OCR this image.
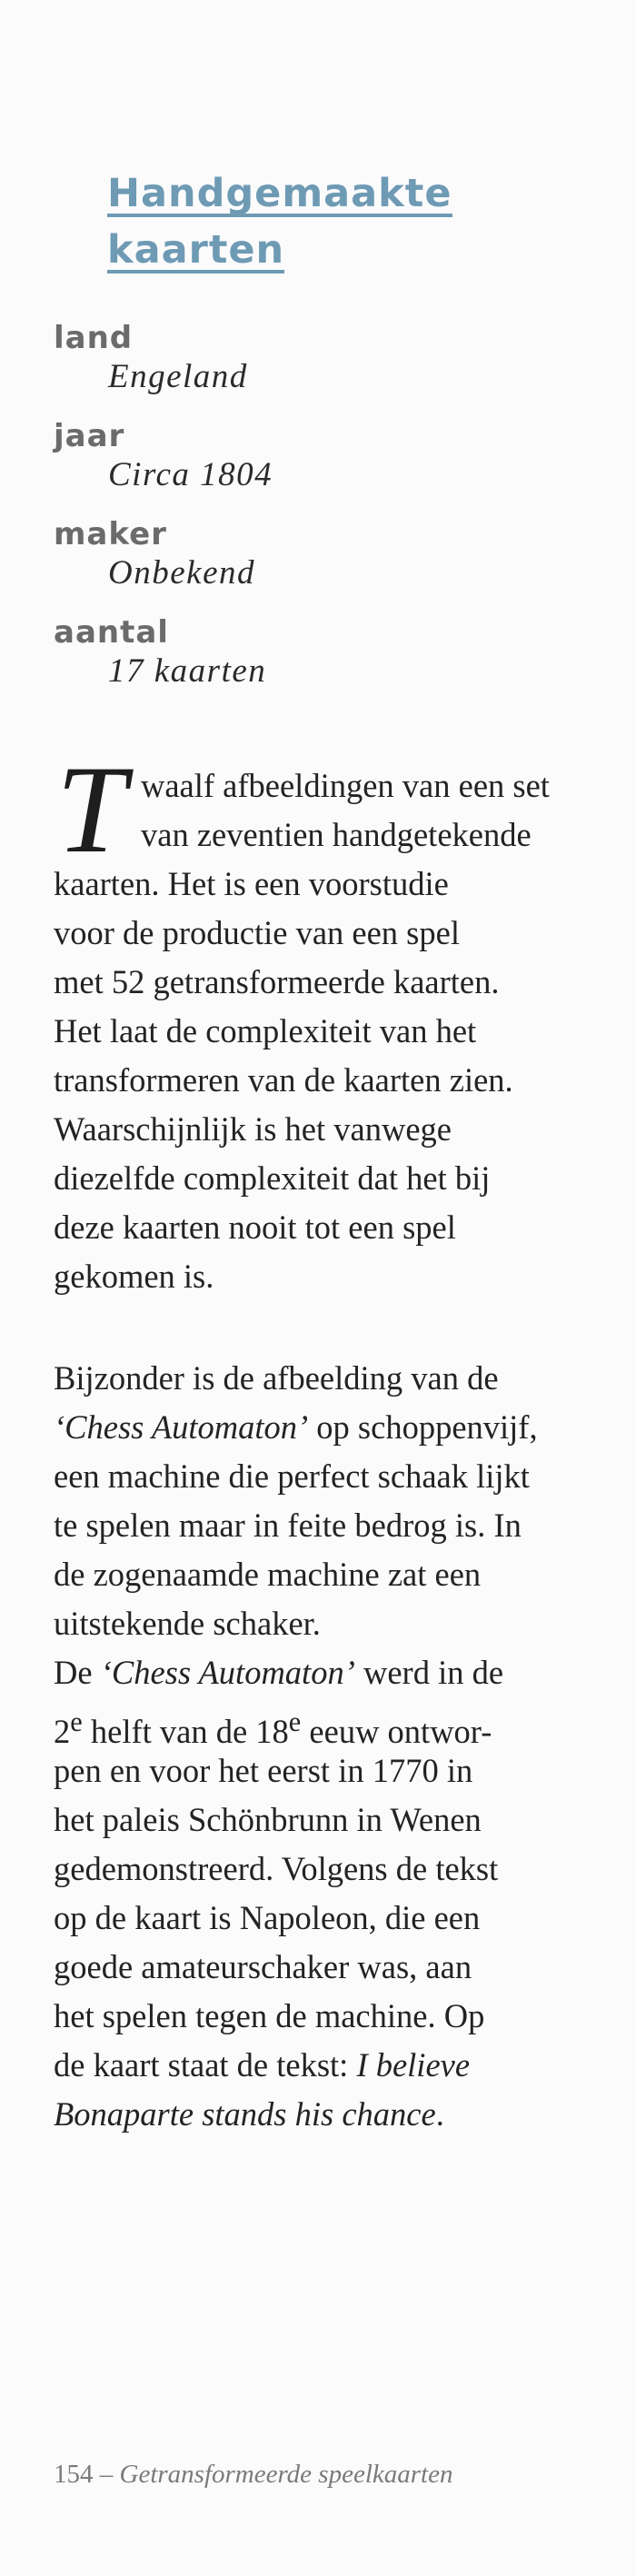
Handgemaakte
kaarten
land
Engeland
jaar
Circa 1804
maker
Onbekend
aantal
17 kaarten
T waalf afbeeldingen van een set
van zeventien handgetekende
kaarten. Het is een voorstudie
voor de productie van een spel
met 52 getransformeerde kaarten.
Het laat de complexiteit van het
transformeren van de kaarten zien.
Waarschijnlijk is het vanwege
diezelfde complexiteit dat het bij
deze kaarten nooit tot een spel
gekomen is.
Bijzonder is de afbeelding van de
‘Chess Automaton’ op schoppenvijf,
een machine die perfect schaak lijkt
te spelen maar in feite bedrog is. In
de zogenaamde machine zat een
uitstekende schaker.
De ‘Chess Automaton’ werd in de
2e helft van de 18e eeuw ontwor-
pen en voor het eerst in 1770 in
het paleis Schönbrunn in Wenen
gedemonstreerd. Volgens de tekst
op de kaart is Napoleon, die een
goede amateurschaker was, aan
het spelen tegen de machine. Op
de kaart staat de tekst: I believe
Bonaparte stands his chance.
154 – Getransformeerde speelkaarten
